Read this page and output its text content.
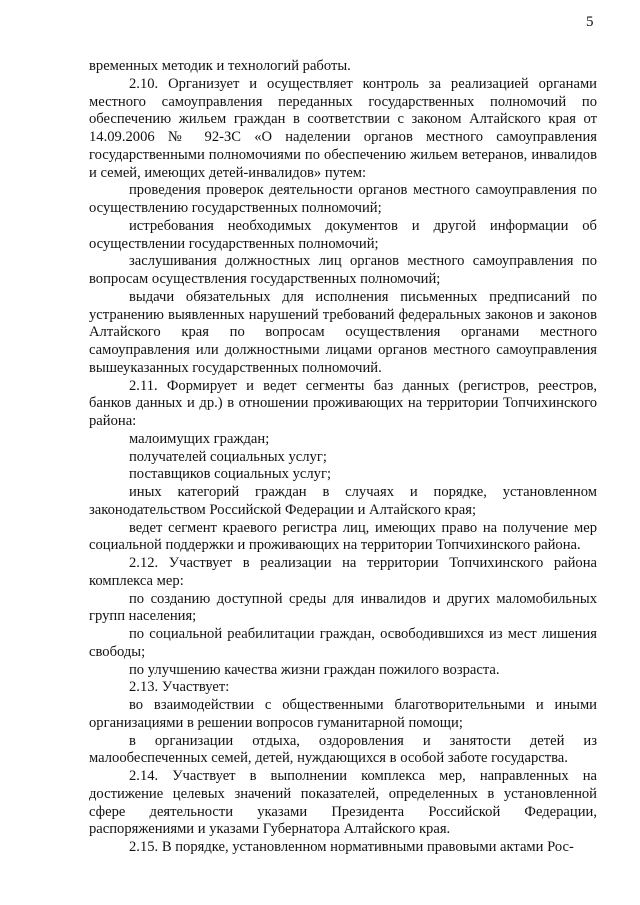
5

временных методик и технологий работы.

2.10. Организует и осуществляет контроль за реализацией органами местного самоуправления переданных государственных полномочий по обеспечению жильем граждан в соответствии с законом Алтайского края от 14.09.2006 № 92-ЗС «О наделении органов местного самоуправления государственными полномочиями по обеспечению жильем ветеранов, инвалидов и семей, имеющих детей-инвалидов» путем:

проведения проверок деятельности органов местного самоуправления по осуществлению государственных полномочий;

истребования необходимых документов и другой информации об осуществлении государственных полномочий;

заслушивания должностных лиц органов местного самоуправления по вопросам осуществления государственных полномочий;

выдачи обязательных для исполнения письменных предписаний по устранению выявленных нарушений требований федеральных законов и законов Алтайского края по вопросам осуществления органами местного самоуправления или должностными лицами органов местного самоуправления вышеуказанных государственных полномочий.

2.11. Формирует и ведет сегменты баз данных (регистров, реестров, банков данных и др.) в отношении проживающих на территории Топчихинского района:

малоимущих граждан;

получателей социальных услуг;

поставщиков социальных услуг;

иных категорий граждан в случаях и порядке, установленном законодательством Российской Федерации и Алтайского края;

ведет сегмент краевого регистра лиц, имеющих право на получение мер социальной поддержки и проживающих на территории Топчихинского района.

2.12. Участвует в реализации на территории Топчихинского района комплекса мер:

по созданию доступной среды для инвалидов и других маломобильных групп населения;

по социальной реабилитации граждан, освободившихся из мест лишения свободы;

по улучшению качества жизни граждан пожилого возраста.

2.13. Участвует:

во взаимодействии с общественными благотворительными и иными организациями в решении вопросов гуманитарной помощи;

в организации отдыха, оздоровления и занятости детей из малообеспеченных семей, детей, нуждающихся в особой заботе государства.

2.14. Участвует в выполнении комплекса мер, направленных на достижение целевых значений показателей, определенных в установленной сфере деятельности указами Президента Российской Федерации, распоряжениями и указами Губернатора Алтайского края.

2.15. В порядке, установленном нормативными правовыми актами Рос-
